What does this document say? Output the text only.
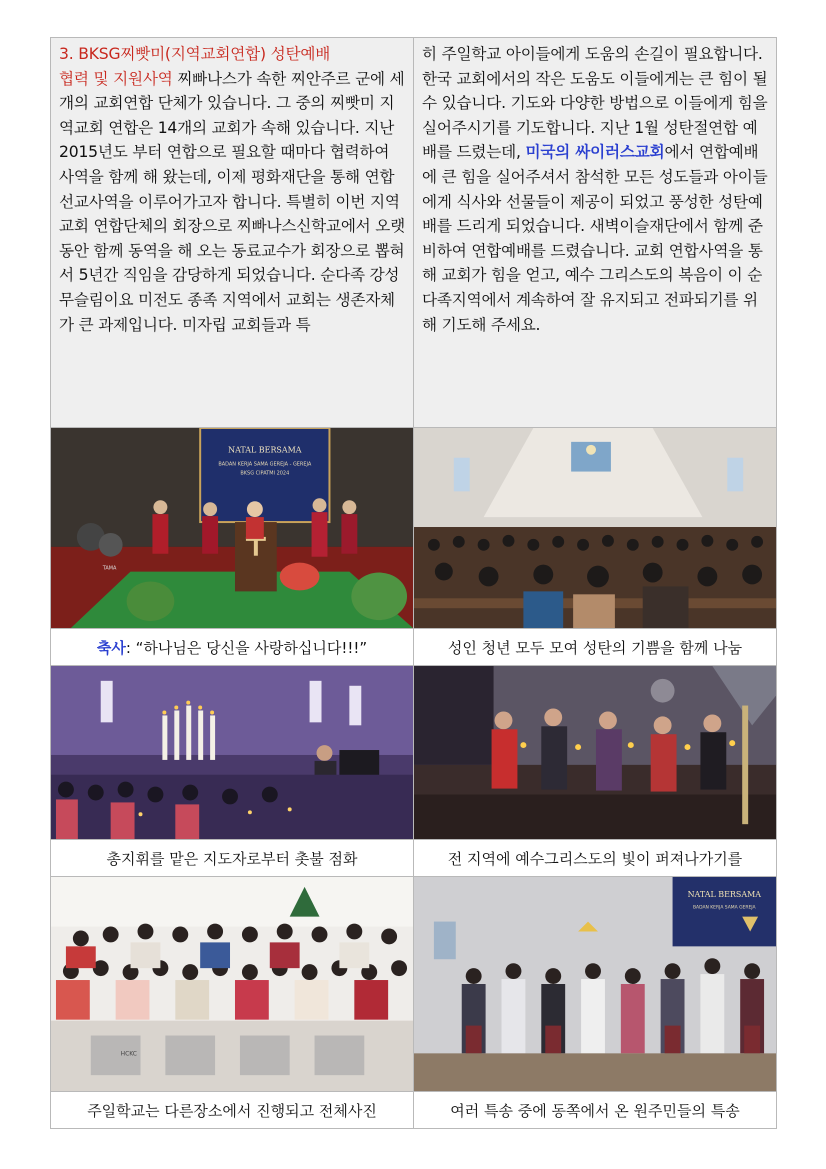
3. BKSG찌빳미(지역교회연합) 성탄예배
협력 및 지원사역 찌빠나스가 속한 찌안주르 군에 세 개의 교회연합 단체가 있습니다. 그 중의 찌빳미 지역교회 연합은 14개의 교회가 속해 있습니다. 지난 2015년도 부터 연합으로 필요할 때마다 협력하여 사역을 함께 해 왔는데, 이제 평화재단을 통해 연합 선교사역을 이루어가고자 합니다. 특별히 이번 지역교회 연합단체의 회장으로 찌빠나스신학교에서 오랫동안 함께 동역을 해 오는 동료교수가 회장으로 뽑혀서 5년간 직임을 감당하게 되었습니다. 순다족 강성 무슬림이요 미전도 종족 지역에서 교회는 생존자체가 큰 과제입니다. 미자립 교회들과 특

히 주일학교 아이들에게 도움의 손길이 필요합니다. 한국 교회에서의 작은 도움도 이들에게는 큰 힘이 될 수 있습니다. 기도와 다양한 방법으로 이들에게 힘을 실어주시기를 기도합니다. 지난 1월 성탄절연합 예배를 드렸는데, 미국의 싸이러스교회에서 연합예배에 큰 힘을 실어주셔서 참석한 모든 성도들과 아이들에게 식사와 선물들이 제공이 되었고 풍성한 성탄예배를 드리게 되었습니다. 새벽이슬재단에서 함께 준비하여 연합예배를 드렸습니다. 교회 연합사역을 통해 교회가 힘을 얻고, 예수 그리스도의 복음이 이 순다족지역에서 계속하여 잘 유지되고 전파되기를 위해 기도해 주세요.

NATAL BERSAMA
BADAN KERJA SAMA GEREJA - GEREJA
BKSG CIPATMI 2024
TAMA
축사 : “하나님은 당신을 사랑하십니다!!!”	성인 청년 모두 모여 성탄의 기쁨을 함께 나눔
총지휘를 맡은 지도자로부터 촛불 점화	전 지역에 예수그리스도의 빛이 퍼져나가기를
HCKC
NATAL BERSAMA
BADAN KERJA SAMA GEREJA
주일학교는 다른장소에서 진행되고 전체사진	여러 특송 중에 동쪽에서 온 원주민들의 특송
